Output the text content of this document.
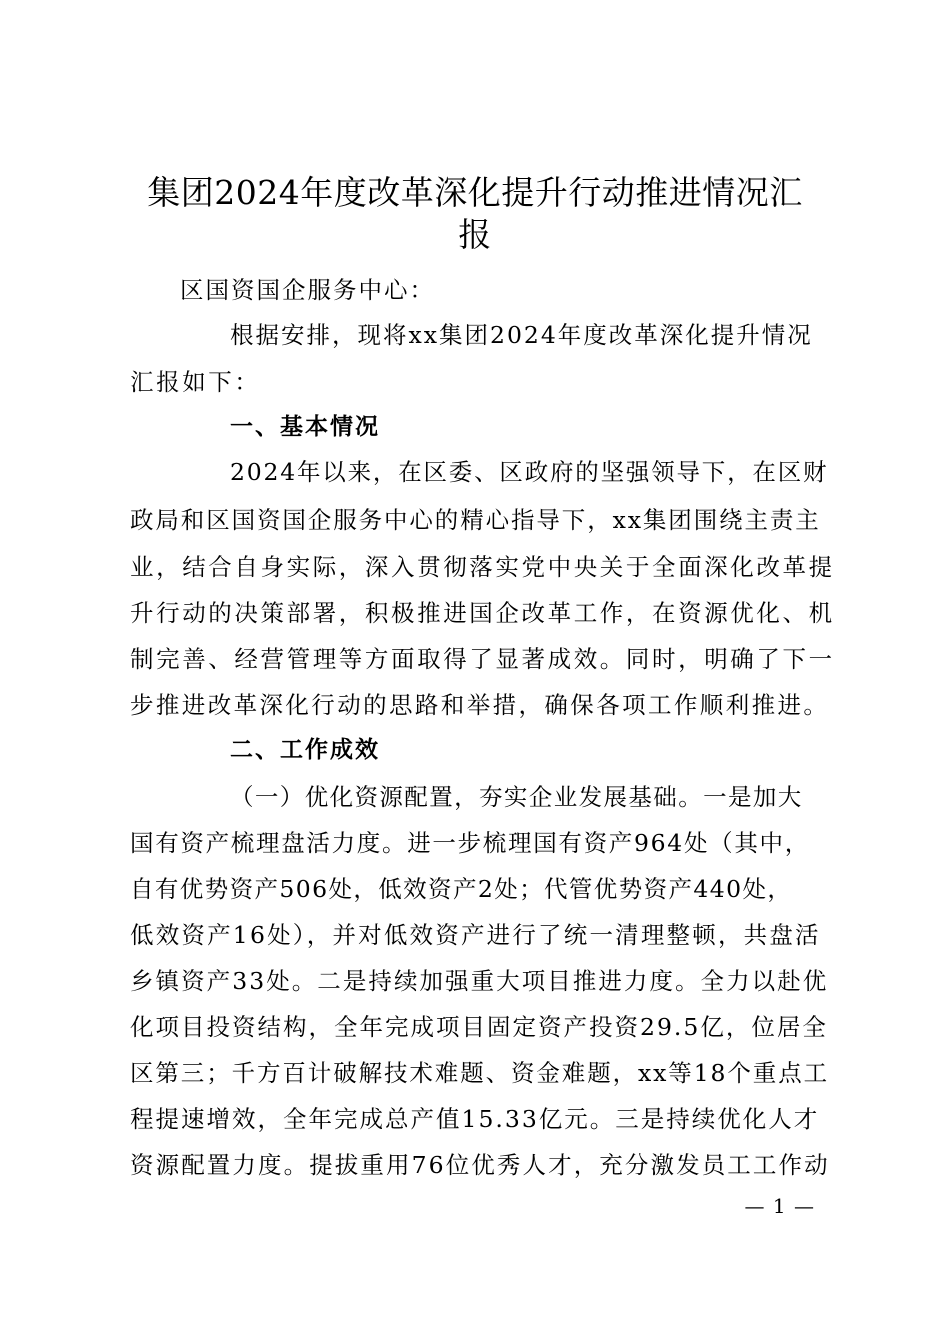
集团2024年度改革深化提升行动推进情况汇
报
区国资国企服务中心：
根据安排，现将xx集团2024年度改革深化提升情况
汇报如下：
一、基本情况
2024年以来，在区委、区政府的坚强领导下，在区财
政局和区国资国企服务中心的精心指导下，xx集团围绕主责主
业，结合自身实际，深入贯彻落实党中央关于全面深化改革提
升行动的决策部署，积极推进国企改革工作，在资源优化、机
制完善、经营管理等方面取得了显著成效。同时，明确了下一
步推进改革深化行动的思路和举措，确保各项工作顺利推进。
二、工作成效
（一）优化资源配置，夯实企业发展基础。一是加大
国有资产梳理盘活力度。进一步梳理国有资产964处（其中，
自有优势资产506处，低效资产2处；代管优势资产440处，
低效资产16处），并对低效资产进行了统一清理整顿，共盘活
乡镇资产33处。二是持续加强重大项目推进力度。全力以赴优
化项目投资结构，全年完成项目固定资产投资29.5亿，位居全
区第三；千方百计破解技术难题、资金难题，xx等18个重点工
程提速增效，全年完成总产值15.33亿元。三是持续优化人才
资源配置力度。提拔重用76位优秀人才，充分激发员工工作动
— 1 —
